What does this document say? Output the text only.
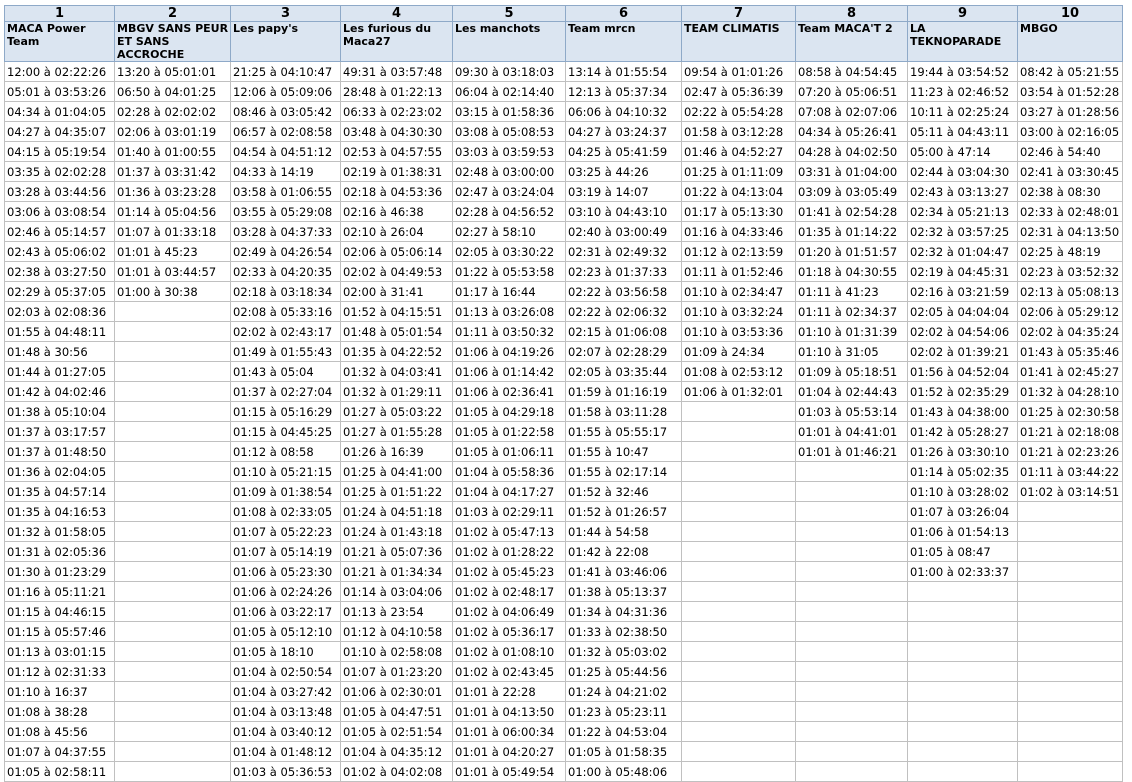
1	2	3	4	5	6	7	8	9	10
MACA Power Team	MBGV SANS PEUR ET SANS ACCROCHE	Les papy's	Les furious du Maca27	Les manchots	Team mrcn	TEAM CLIMATIS	Team MACA'T 2	LA TEKNOPARADE	MBGO
12:00 à 02:22:26	13:20 à 05:01:01	21:25 à 04:10:47	49:31 à 03:57:48	09:30 à 03:18:03	13:14 à 01:55:54	09:54 à 01:01:26	08:58 à 04:54:45	19:44 à 03:54:52	08:42 à 05:21:55
05:01 à 03:53:26	06:50 à 04:01:25	12:06 à 05:09:06	28:48 à 01:22:13	06:04 à 02:14:40	12:13 à 05:37:34	02:47 à 05:36:39	07:20 à 05:06:51	11:23 à 02:46:52	03:54 à 01:52:28
04:34 à 01:04:05	02:28 à 02:02:02	08:46 à 03:05:42	06:33 à 02:23:02	03:15 à 01:58:36	06:06 à 04:10:32	02:22 à 05:54:28	07:08 à 02:07:06	10:11 à 02:25:24	03:27 à 01:28:56
04:27 à 04:35:07	02:06 à 03:01:19	06:57 à 02:08:58	03:48 à 04:30:30	03:08 à 05:08:53	04:27 à 03:24:37	01:58 à 03:12:28	04:34 à 05:26:41	05:11 à 04:43:11	03:00 à 02:16:05
04:15 à 05:19:54	01:40 à 01:00:55	04:54 à 04:51:12	02:53 à 04:57:55	03:03 à 03:59:53	04:25 à 05:41:59	01:46 à 04:52:27	04:28 à 04:02:50	05:00 à 47:14	02:46 à 54:40
03:35 à 02:02:28	01:37 à 03:31:42	04:33 à 14:19	02:19 à 01:38:31	02:48 à 03:00:00	03:25 à 44:26	01:25 à 01:11:09	03:31 à 01:04:00	02:44 à 03:04:30	02:41 à 03:30:45
03:28 à 03:44:56	01:36 à 03:23:28	03:58 à 01:06:55	02:18 à 04:53:36	02:47 à 03:24:04	03:19 à 14:07	01:22 à 04:13:04	03:09 à 03:05:49	02:43 à 03:13:27	02:38 à 08:30
03:06 à 03:08:54	01:14 à 05:04:56	03:55 à 05:29:08	02:16 à 46:38	02:28 à 04:56:52	03:10 à 04:43:10	01:17 à 05:13:30	01:41 à 02:54:28	02:34 à 05:21:13	02:33 à 02:48:01
02:46 à 05:14:57	01:07 à 01:33:18	03:28 à 04:37:33	02:10 à 26:04	02:27 à 58:10	02:40 à 03:00:49	01:16 à 04:33:46	01:35 à 01:14:22	02:32 à 03:57:25	02:31 à 04:13:50
02:43 à 05:06:02	01:01 à 45:23	02:49 à 04:26:54	02:06 à 05:06:14	02:05 à 03:30:22	02:31 à 02:49:32	01:12 à 02:13:59	01:20 à 01:51:57	02:32 à 01:04:47	02:25 à 48:19
02:38 à 03:27:50	01:01 à 03:44:57	02:33 à 04:20:35	02:02 à 04:49:53	01:22 à 05:53:58	02:23 à 01:37:33	01:11 à 01:52:46	01:18 à 04:30:55	02:19 à 04:45:31	02:23 à 03:52:32
02:29 à 05:37:05	01:00 à 30:38	02:18 à 03:18:34	02:00 à 31:41	01:17 à 16:44	02:22 à 03:56:58	01:10 à 02:34:47	01:11 à 41:23	02:16 à 03:21:59	02:13 à 05:08:13
02:03 à 02:08:36		02:08 à 05:33:16	01:52 à 04:15:51	01:13 à 03:26:08	02:22 à 02:06:32	01:10 à 03:32:24	01:11 à 02:34:37	02:05 à 04:04:04	02:06 à 05:29:12
01:55 à 04:48:11		02:02 à 02:43:17	01:48 à 05:01:54	01:11 à 03:50:32	02:15 à 01:06:08	01:10 à 03:53:36	01:10 à 01:31:39	02:02 à 04:54:06	02:02 à 04:35:24
01:48 à 30:56		01:49 à 01:55:43	01:35 à 04:22:52	01:06 à 04:19:26	02:07 à 02:28:29	01:09 à 24:34	01:10 à 31:05	02:02 à 01:39:21	01:43 à 05:35:46
01:44 à 01:27:05		01:43 à 05:04	01:32 à 04:03:41	01:06 à 01:14:42	02:05 à 03:35:44	01:08 à 02:53:12	01:09 à 05:18:51	01:56 à 04:52:04	01:41 à 02:45:27
01:42 à 04:02:46		01:37 à 02:27:04	01:32 à 01:29:11	01:06 à 02:36:41	01:59 à 01:16:19	01:06 à 01:32:01	01:04 à 02:44:43	01:52 à 02:35:29	01:32 à 04:28:10
01:38 à 05:10:04		01:15 à 05:16:29	01:27 à 05:03:22	01:05 à 04:29:18	01:58 à 03:11:28		01:03 à 05:53:14	01:43 à 04:38:00	01:25 à 02:30:58
01:37 à 03:17:57		01:15 à 04:45:25	01:27 à 01:55:28	01:05 à 01:22:58	01:55 à 05:55:17		01:01 à 04:41:01	01:42 à 05:28:27	01:21 à 02:18:08
01:37 à 01:48:50		01:12 à 08:58	01:26 à 16:39	01:05 à 01:06:11	01:55 à 10:47		01:01 à 01:46:21	01:26 à 03:30:10	01:21 à 02:23:26
01:36 à 02:04:05		01:10 à 05:21:15	01:25 à 04:41:00	01:04 à 05:58:36	01:55 à 02:17:14			01:14 à 05:02:35	01:11 à 03:44:22
01:35 à 04:57:14		01:09 à 01:38:54	01:25 à 01:51:22	01:04 à 04:17:27	01:52 à 32:46			01:10 à 03:28:02	01:02 à 03:14:51
01:35 à 04:16:53		01:08 à 02:33:05	01:24 à 04:51:18	01:03 à 02:29:11	01:52 à 01:26:57			01:07 à 03:26:04	
01:32 à 01:58:05		01:07 à 05:22:23	01:24 à 01:43:18	01:02 à 05:47:13	01:44 à 54:58			01:06 à 01:54:13	
01:31 à 02:05:36		01:07 à 05:14:19	01:21 à 05:07:36	01:02 à 01:28:22	01:42 à 22:08			01:05 à 08:47	
01:30 à 01:23:29		01:06 à 05:23:30	01:21 à 01:34:34	01:02 à 05:45:23	01:41 à 03:46:06			01:00 à 02:33:37	
01:16 à 05:11:21		01:06 à 02:24:26	01:14 à 03:04:06	01:02 à 02:48:17	01:38 à 05:13:37				
01:15 à 04:46:15		01:06 à 03:22:17	01:13 à 23:54	01:02 à 04:06:49	01:34 à 04:31:36				
01:15 à 05:57:46		01:05 à 05:12:10	01:12 à 04:10:58	01:02 à 05:36:17	01:33 à 02:38:50				
01:13 à 03:01:15		01:05 à 18:10	01:10 à 02:58:08	01:02 à 01:08:10	01:32 à 05:03:02				
01:12 à 02:31:33		01:04 à 02:50:54	01:07 à 01:23:20	01:02 à 02:43:45	01:25 à 05:44:56				
01:10 à 16:37		01:04 à 03:27:42	01:06 à 02:30:01	01:01 à 22:28	01:24 à 04:21:02				
01:08 à 38:28		01:04 à 03:13:48	01:05 à 04:47:51	01:01 à 04:13:50	01:23 à 05:23:11				
01:08 à 45:56		01:04 à 03:40:12	01:05 à 02:51:54	01:01 à 06:00:34	01:22 à 04:53:04				
01:07 à 04:37:55		01:04 à 01:48:12	01:04 à 04:35:12	01:01 à 04:20:27	01:05 à 01:58:35				
01:05 à 02:58:11		01:03 à 05:36:53	01:02 à 04:02:08	01:01 à 05:49:54	01:00 à 05:48:06				
